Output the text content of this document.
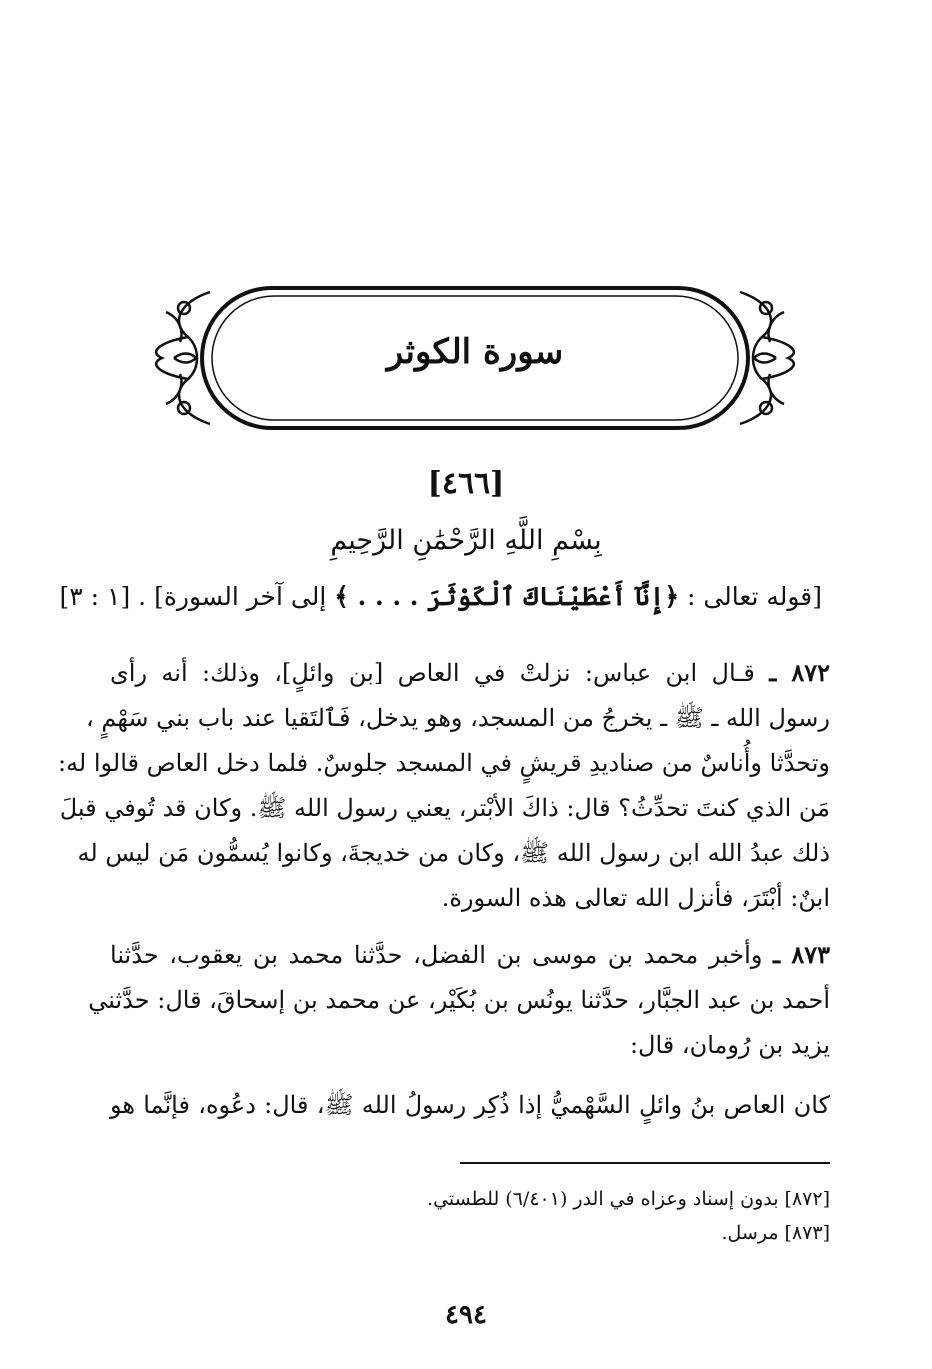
سورة الكوثر
[٤٦٦]
بِسْمِ اللَّهِ الرَّحْمَٰنِ الرَّحِيمِ
[قوله تعالى : ﴿إِنَّآ أَعْطَيْنَاكَ ٱلْكَوْثَرَ . . . . ﴾ إلى آخر السورة] . [١ : ٣]
٨٧٢ ـ قـال ابن عباس: نزلتْ في العاص [بن وائلٍ]، وذلك: أنه رأى
رسول الله ـ ﷺ ـ يخرجُ من المسجد، وهو يدخل، فَٱلتَقيا عند باب بني سَهْمٍ ،
وتحدَّثا وأُناسٌ من صناديدِ قريشٍ في المسجد جلوسٌ. فلما دخل العاص قالوا له:
مَن الذي كنتَ تحدِّثُ؟ قال: ذاكَ الأبْتر، يعني رسول الله ﷺ. وكان قد تُوفي قبلَ
ذلك عبدُ الله ابن رسول الله ﷺ، وكان من خديجةَ، وكانوا يُسمُّون مَن ليس له
ابنٌ: أبْتَرَ، فأنزل الله تعالى هذه السورة.
٨٧٣ ـ وأخبر محمد بن موسى بن الفضل، حدَّثنا محمد بن يعقوب، حدَّثنا
أحمد بن عبد الجبَّار، حدَّثنا يونُس بن بُكَيْر، عن محمد بن إسحاقَ، قال: حدَّثني
يزيد بن رُومان، قال:
كان العاص بنُ وائلٍ السَّهْميُّ إذا ذُكِر رسولُ الله ﷺ، قال: دعُوه، فإنَّما هو
[٨٧٢] بدون إسناد وعزاه في الدر (٦/٤٠١) للطستي.
[٨٧٣] مرسل.
٤٩٤
